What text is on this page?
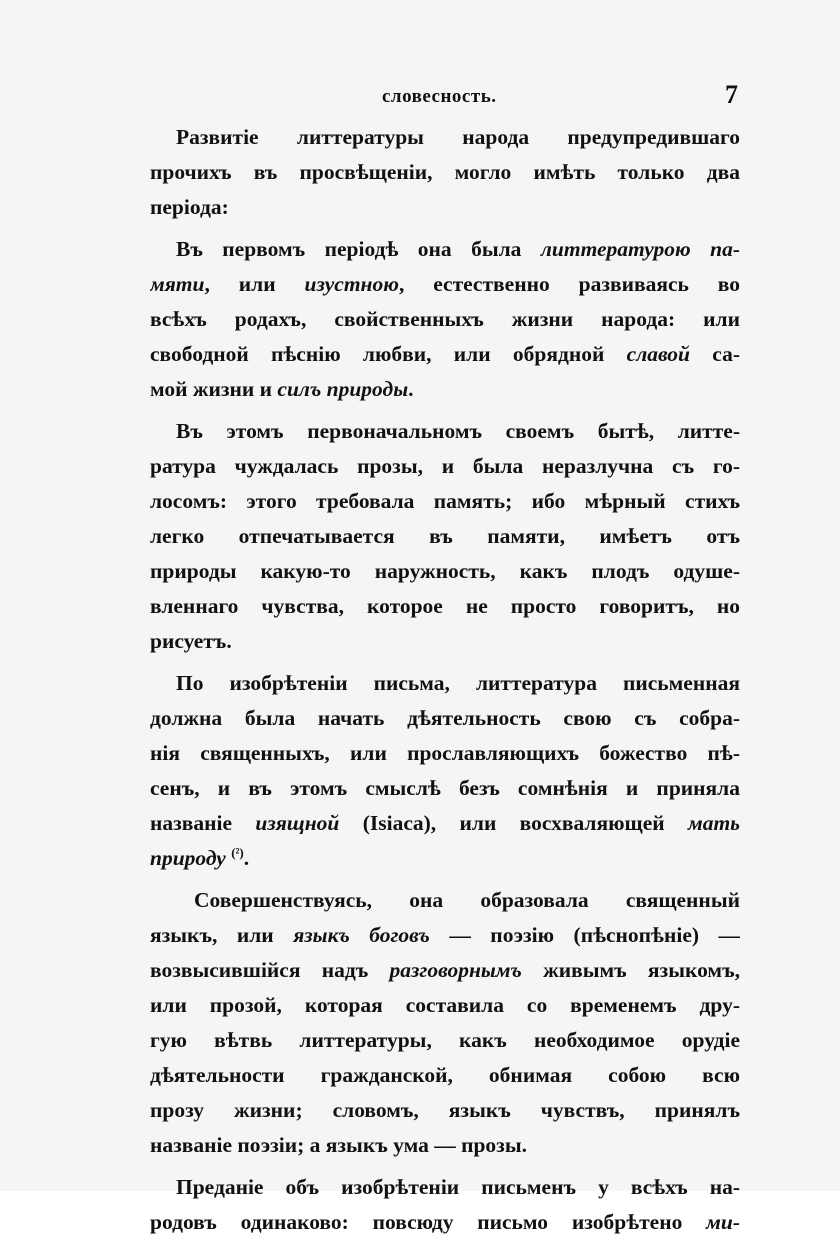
словесность.	7
Развитіе литтературы народа предупредившаго
прочихъ въ просвѣщеніи, могло имѣть только два
періода:
Въ первомъ періодѣ она была литтературою па-
мяти, или изустною, естественно развиваясь во
всѣхъ родахъ, свойственныхъ жизни народа: или
свободной пѣснію любви, или обрядной славой са-
мой жизни и силъ природы.
Въ этомъ первоначальномъ своемъ бытѣ, литте-
ратура чуждалась прозы, и была неразлучна съ го-
лосомъ: этого требовала память; ибо мѣрный стихъ
легко отпечатывается въ памяти, имѣетъ отъ
природы какую-то наружность, какъ плодъ одуше-
вленнаго чувства, которое не просто говоритъ, но
рисуетъ.
По изобрѣтеніи письма, литтература письменная
должна была начать дѣятельность свою съ собра-
нія священныхъ, или прославляющихъ божество пѣ-
сенъ, и въ этомъ смыслѣ безъ сомнѣнія и приняла
названіе изящной (Isiaca), или восхваляющей мать
природу $^{(^2)}$.
Совершенствуясь, она образовала священный
языкъ, или языкъ боговъ — поэзію (пѣснопѣніе) —
возвысившійся надъ разговорнымъ живымъ языкомъ,
или прозой, которая составила со временемъ дру-
гую вѣтвь литтературы, какъ необходимое орудіе
дѣятельности гражданской, обнимая собою всю
прозу жизни; словомъ, языкъ чувствъ, принялъ
названіе поэзіи; а языкъ ума — прозы.
Преданіе объ изобрѣтеніи письменъ у всѣхъ на-
родовъ одинаково: повсюду письмо изобрѣтено ми-
